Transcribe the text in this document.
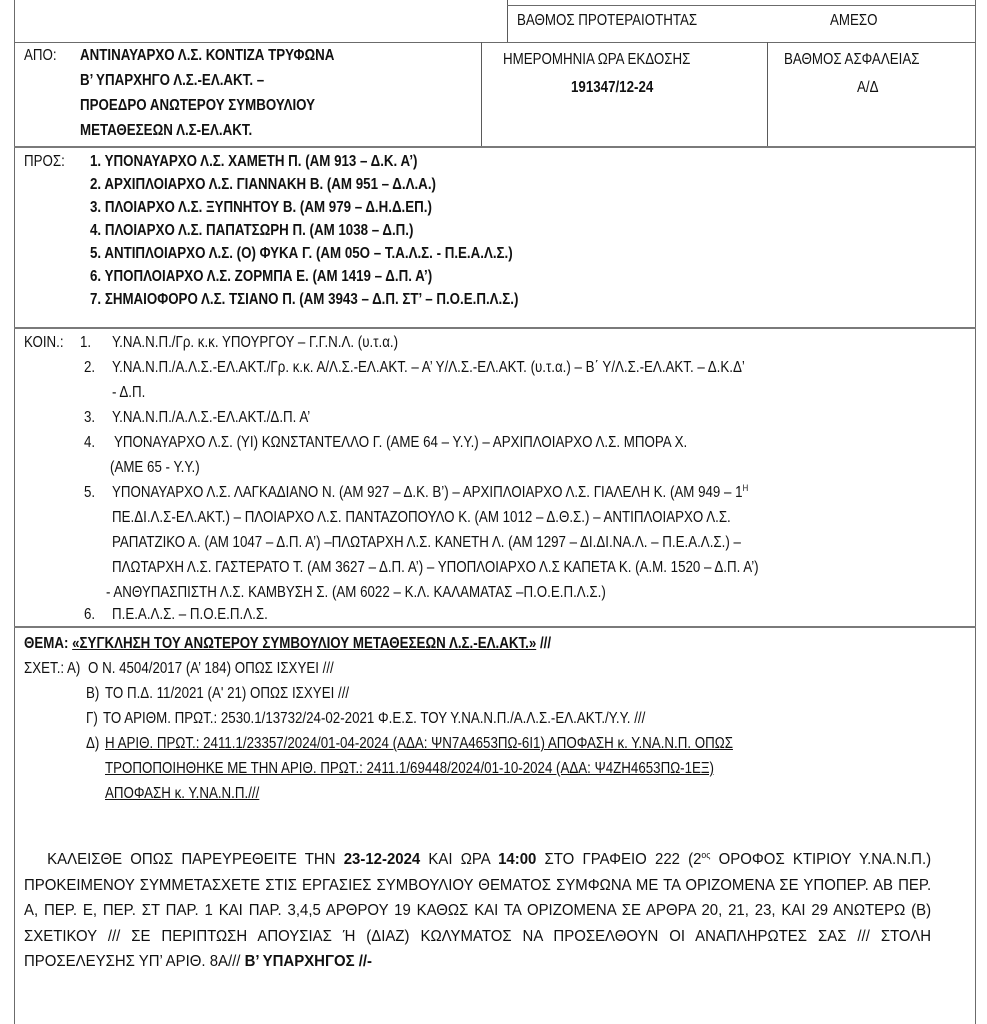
ΒΑΘΜΟΣ ΠΡΟΤΕΡΑΙΟΤΗΤΑΣ	ΑΜΕΣΟ
ΑΠΟ: ΑΝΤΙΝΑΥΑΡΧΟ Λ.Σ. ΚΟΝΤΙΖΑ ΤΡΥΦΩΝΑ
Β’ ΥΠΑΡΧΗΓΟ Λ.Σ.-ΕΛ.ΑΚΤ. –
ΠΡΟΕΔΡΟ ΑΝΩΤΕΡΟΥ ΣΥΜΒΟΥΛΙΟΥ
ΜΕΤΑΘΕΣΕΩΝ Λ.Σ-ΕΛ.ΑΚΤ.
ΗΜΕΡΟΜΗΝΙΑ ΩΡΑ ΕΚΔΟΣΗΣ
191347/12-24
ΒΑΘΜΟΣ ΑΣΦΑΛΕΙΑΣ
Α/Δ
ΠΡΟΣ: 1. ΥΠΟΝΑΥΑΡΧΟ Λ.Σ. ΧΑΜΕΤΗ Π. (ΑΜ 913 – Δ.Κ. Α’)
2. ΑΡΧΙΠΛΟΙΑΡΧΟ Λ.Σ. ΓΙΑΝΝΑΚΗ Β. (ΑΜ 951 – Δ.Λ.Α.)
3. ΠΛΟΙΑΡΧΟ Λ.Σ. ΞΥΠΝΗΤΟΥ Β. (ΑΜ 979 – Δ.Η.Δ.ΕΠ.)
4. ΠΛΟΙΑΡΧΟ Λ.Σ. ΠΑΠΑΤΣΩΡΗ Π. (ΑΜ 1038 – Δ.Π.)
5. ΑΝΤΙΠΛΟΙΑΡΧΟ Λ.Σ. (Ο) ΦΥΚΑ Γ. (ΑΜ 05Ο – Τ.Α.Λ.Σ. - Π.Ε.Α.Λ.Σ.)
6. ΥΠΟΠΛΟΙΑΡΧΟ Λ.Σ. ΖΟΡΜΠΑ Ε. (ΑΜ 1419 – Δ.Π. Α’)
7. ΣΗΜΑΙΟΦΟΡΟ Λ.Σ. ΤΣΙΑΝΟ Π. (ΑΜ 3943 – Δ.Π. ΣΤ’ – Π.Ο.Ε.Π.Λ.Σ.)
ΚΟΙΝ.: 1. Υ.ΝΑ.Ν.Π./Γρ. κ.κ. ΥΠΟΥΡΓΟΥ – Γ.Γ.Ν.Λ. (υ.τ.α.)
2. Υ.ΝΑ.Ν.Π./Α.Λ.Σ.-ΕΛ.ΑΚΤ./Γρ. κ.κ. Α/Λ.Σ.-ΕΛ.ΑΚΤ. – Α’ Υ/Λ.Σ.-ΕΛ.ΑΚΤ. (υ.τ.α.) – Β΄ Υ/Λ.Σ.-ΕΛ.ΑΚΤ. – Δ.Κ.Δ’
- Δ.Π.
3. Υ.ΝΑ.Ν.Π./Α.Λ.Σ.-ΕΛ.ΑΚΤ./Δ.Π. Α’
4. ΥΠΟΝΑΥΑΡΧΟ Λ.Σ. (ΥΙ) ΚΩΝΣΤΑΝΤΕΛΛΟ Γ. (ΑΜΕ 64 – Υ.Υ.) – ΑΡΧΙΠΛΟΙΑΡΧΟ Λ.Σ. ΜΠΟΡΑ Χ.
(ΑΜΕ 65 - Υ.Υ.)
5. ΥΠΟΝΑΥΑΡΧΟ Λ.Σ. ΛΑΓΚΑΔΙΑΝΟ Ν. (ΑΜ 927 – Δ.Κ. Β’) – ΑΡΧΙΠΛΟΙΑΡΧΟ Λ.Σ. ΓΙΑΛΕΛΗ Κ. (ΑΜ $949 - 1^H$
ΠΕ.ΔΙ.Λ.Σ-ΕΛ.ΑΚΤ.) – ΠΛΟΙΑΡΧΟ Λ.Σ. ΠΑΝΤΑΖΟΠΟΥΛΟ Κ. (ΑΜ 1012 – Δ.Θ.Σ.) – ΑΝΤΙΠΛΟΙΑΡΧΟ Λ.Σ.
ΡΑΠΑΤΖΙΚΟ Α. (ΑΜ 1047 – Δ.Π. Α’) –ΠΛΩΤΑΡΧΗ Λ.Σ. ΚΑΝΕΤΗ Λ. (ΑΜ 1297 – ΔΙ.ΔΙ.ΝΑ.Λ. – Π.Ε.Α.Λ.Σ.) –
ΠΛΩΤΑΡΧΗ Λ.Σ. ΓΑΣΤΕΡΑΤΟ Τ. (ΑΜ 3627 – Δ.Π. Α’) – ΥΠΟΠΛΟΙΑΡΧΟ Λ.Σ ΚΑΠΕΤΑ Κ. (Α.Μ. 1520 – Δ.Π. Α’)
- ΑΝΘΥΠΑΣΠΙΣΤΗ Λ.Σ. ΚΑΜΒΥΣΗ Σ. (ΑΜ 6022 – Κ.Λ. ΚΑΛΑΜΑΤΑΣ –Π.Ο.Ε.Π.Λ.Σ.)
6. Π.Ε.Α.Λ.Σ. – Π.Ο.Ε.Π.Λ.Σ.
ΘΕΜΑ: «ΣΥΓΚΛΗΣΗ ΤΟΥ ΑΝΩΤΕΡΟΥ ΣΥΜΒΟΥΛΙΟΥ ΜΕΤΑΘΕΣΕΩΝ Λ.Σ.-ΕΛ.ΑΚΤ.» ///
ΣΧΕΤ.: Α) Ο Ν. 4504/2017 (Α’ 184) ΟΠΩΣ ΙΣΧΥΕΙ ///
Β) ΤΟ Π.Δ. 11/2021 (Α' 21) ΟΠΩΣ ΙΣΧΥΕΙ ///
Γ) ΤΟ ΑΡΙΘΜ. ΠΡΩΤ.: 2530.1/13732/24-02-2021 Φ.Ε.Σ. ΤΟΥ Υ.ΝΑ.Ν.Π./Α.Λ.Σ.-ΕΛ.ΑΚΤ./Υ.Υ. ///
Δ) Η ΑΡΙΘ. ΠΡΩΤ.: 2411.1/23357/2024/01-04-2024 (ΑΔΑ: ΨΝ7Α4653ΠΩ-6Ι1) ΑΠΟΦΑΣΗ κ. Υ.ΝΑ.Ν.Π. ΟΠΩΣ
ΤΡΟΠΟΠΟΙΗΘΗΚΕ ΜΕ ΤΗΝ ΑΡΙΘ. ΠΡΩΤ.: 2411.1/69448/2024/01-10-2024 (ΑΔΑ: Ψ4ΖΗ4653ΠΩ-1ΕΞ)
ΑΠΟΦΑΣΗ κ. Υ.ΝΑ.Ν.Π.///

ΚΑΛΕΙΣΘΕ ΟΠΩΣ ΠΑΡΕΥΡΕΘΕΙΤΕ ΤΗΝ 23-12-2024 ΚΑΙ ΩΡΑ 14:00 ΣΤΟ ΓΡΑΦΕΙΟ 222 ($2^{o\varsigma}$ ΟΡΟΦΟΣ ΚΤΙΡΙΟΥ Υ.ΝΑ.Ν.Π.) ΠΡΟΚΕΙΜΕΝΟΥ ΣΥΜΜΕΤΑΣΧΕΤΕ ΣΤΙΣ ΕΡΓΑΣΙΕΣ ΣΥΜΒΟΥΛΙΟΥ ΘΕΜΑΤΟΣ ΣΥΜΦΩΝΑ ΜΕ ΤΑ ΟΡΙΖΟΜΕΝΑ ΣΕ ΥΠΟΠΕΡ. ΑΒ ΠΕΡ. Α, ΠΕΡ. Ε, ΠΕΡ. ΣΤ ΠΑΡ. 1 ΚΑΙ ΠΑΡ. 3,4,5 ΑΡΘΡΟΥ 19 ΚΑΘΩΣ ΚΑΙ ΤΑ ΟΡΙΖΟΜΕΝΑ ΣΕ ΑΡΘΡΑ 20, 21, 23, ΚΑΙ 29 ΑΝΩΤΕΡΩ (Β) ΣΧΕΤΙΚΟΥ /// ΣΕ ΠΕΡΙΠΤΩΣΗ ΑΠΟΥΣΙΑΣ Ή (ΔΙΑΖ) ΚΩΛΥΜΑΤΟΣ ΝΑ ΠΡΟΣΕΛΘΟΥΝ ΟΙ ΑΝΑΠΛΗΡΩΤΕΣ ΣΑΣ /// ΣΤΟΛΗ ΠΡΟΣΕΛΕΥΣΗΣ ΥΠ’ ΑΡΙΘ. 8Α/// Β’ ΥΠΑΡΧΗΓΟΣ //-
